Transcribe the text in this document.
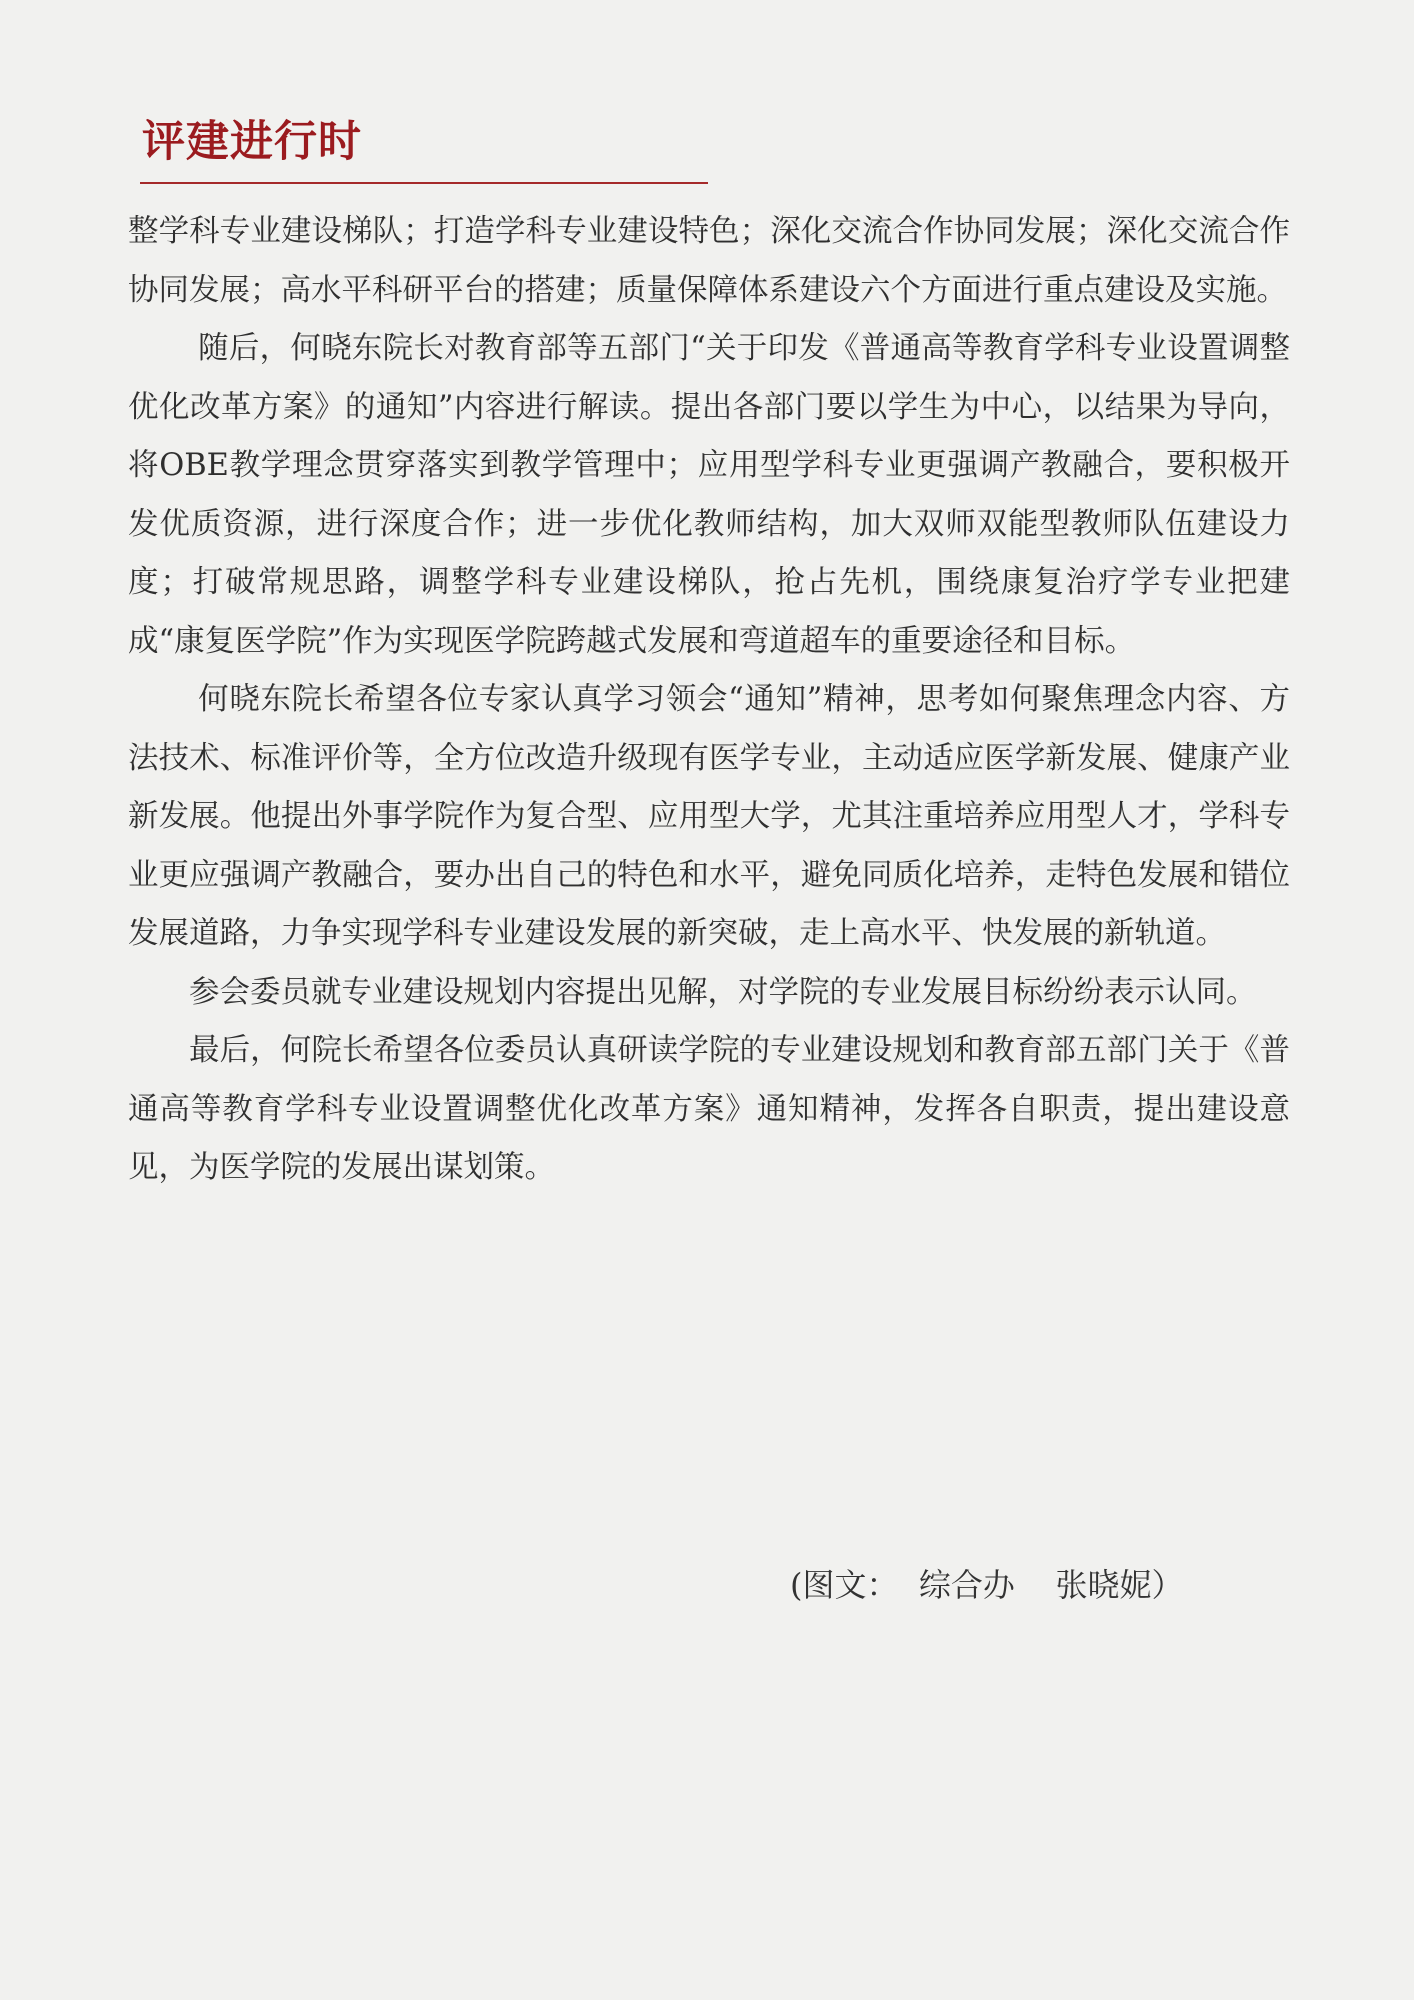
评建进行时

整学科专业建设梯队；打造学科专业建设特色；深化交流合作协同发展；深化交流合作协同发展；高水平科研平台的搭建；质量保障体系建设六个方面进行重点建设及实施。

随后，何晓东院长对教育部等五部门“关于印发《普通高等教育学科专业设置调整优化改革方案》的通知”内容进行解读。提出各部门要以学生为中心，以结果为导向，将OBE教学理念贯穿落实到教学管理中；应用型学科专业更强调产教融合，要积极开发优质资源，进行深度合作；进一步优化教师结构，加大双师双能型教师队伍建设力度；打破常规思路，调整学科专业建设梯队，抢占先机，围绕康复治疗学专业把建成“康复医学院”作为实现医学院跨越式发展和弯道超车的重要途径和目标。

何晓东院长希望各位专家认真学习领会“通知”精神，思考如何聚焦理念内容、方法技术、标准评价等，全方位改造升级现有医学专业，主动适应医学新发展、健康产业新发展。他提出外事学院作为复合型、应用型大学，尤其注重培养应用型人才，学科专业更应强调产教融合，要办出自己的特色和水平，避免同质化培养，走特色发展和错位发展道路，力争实现学科专业建设发展的新突破，走上高水平、快发展的新轨道。

参会委员就专业建设规划内容提出见解，对学院的专业发展目标纷纷表示认同。

最后，何院长希望各位委员认真研读学院的专业建设规划和教育部五部门关于《普通高等教育学科专业设置调整优化改革方案》通知精神，发挥各自职责，提出建设意见，为医学院的发展出谋划策。

(图文：  综合办    张晓妮）
